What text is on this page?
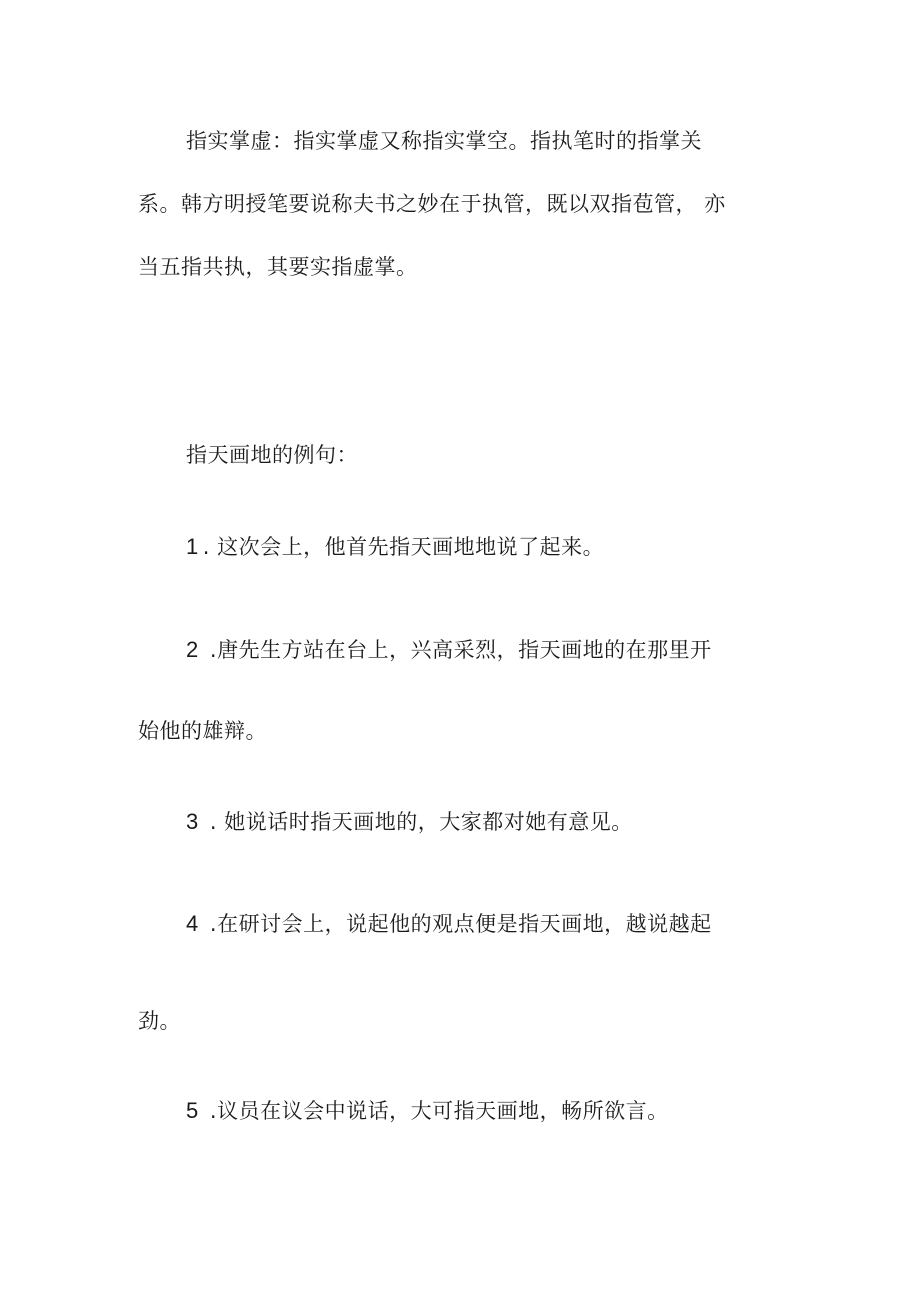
指实掌虚：指实掌虚又称指实掌空。指执笔时的指掌关
系。韩方明授笔要说称夫书之妙在于执管，既以双指苞管， 亦
当五指共执，其要实指虚掌。
指天画地的例句：
1 . 这次会上，他首先指天画地地说了起来。
2 .唐先生方站在台上，兴高采烈，指天画地的在那里开
始他的雄辩。
3 . 她说话时指天画地的，大家都对她有意见。
4 .在研讨会上，说起他的观点便是指天画地，越说越起
劲。
5 .议员在议会中说话，大可指天画地，畅所欲言。
